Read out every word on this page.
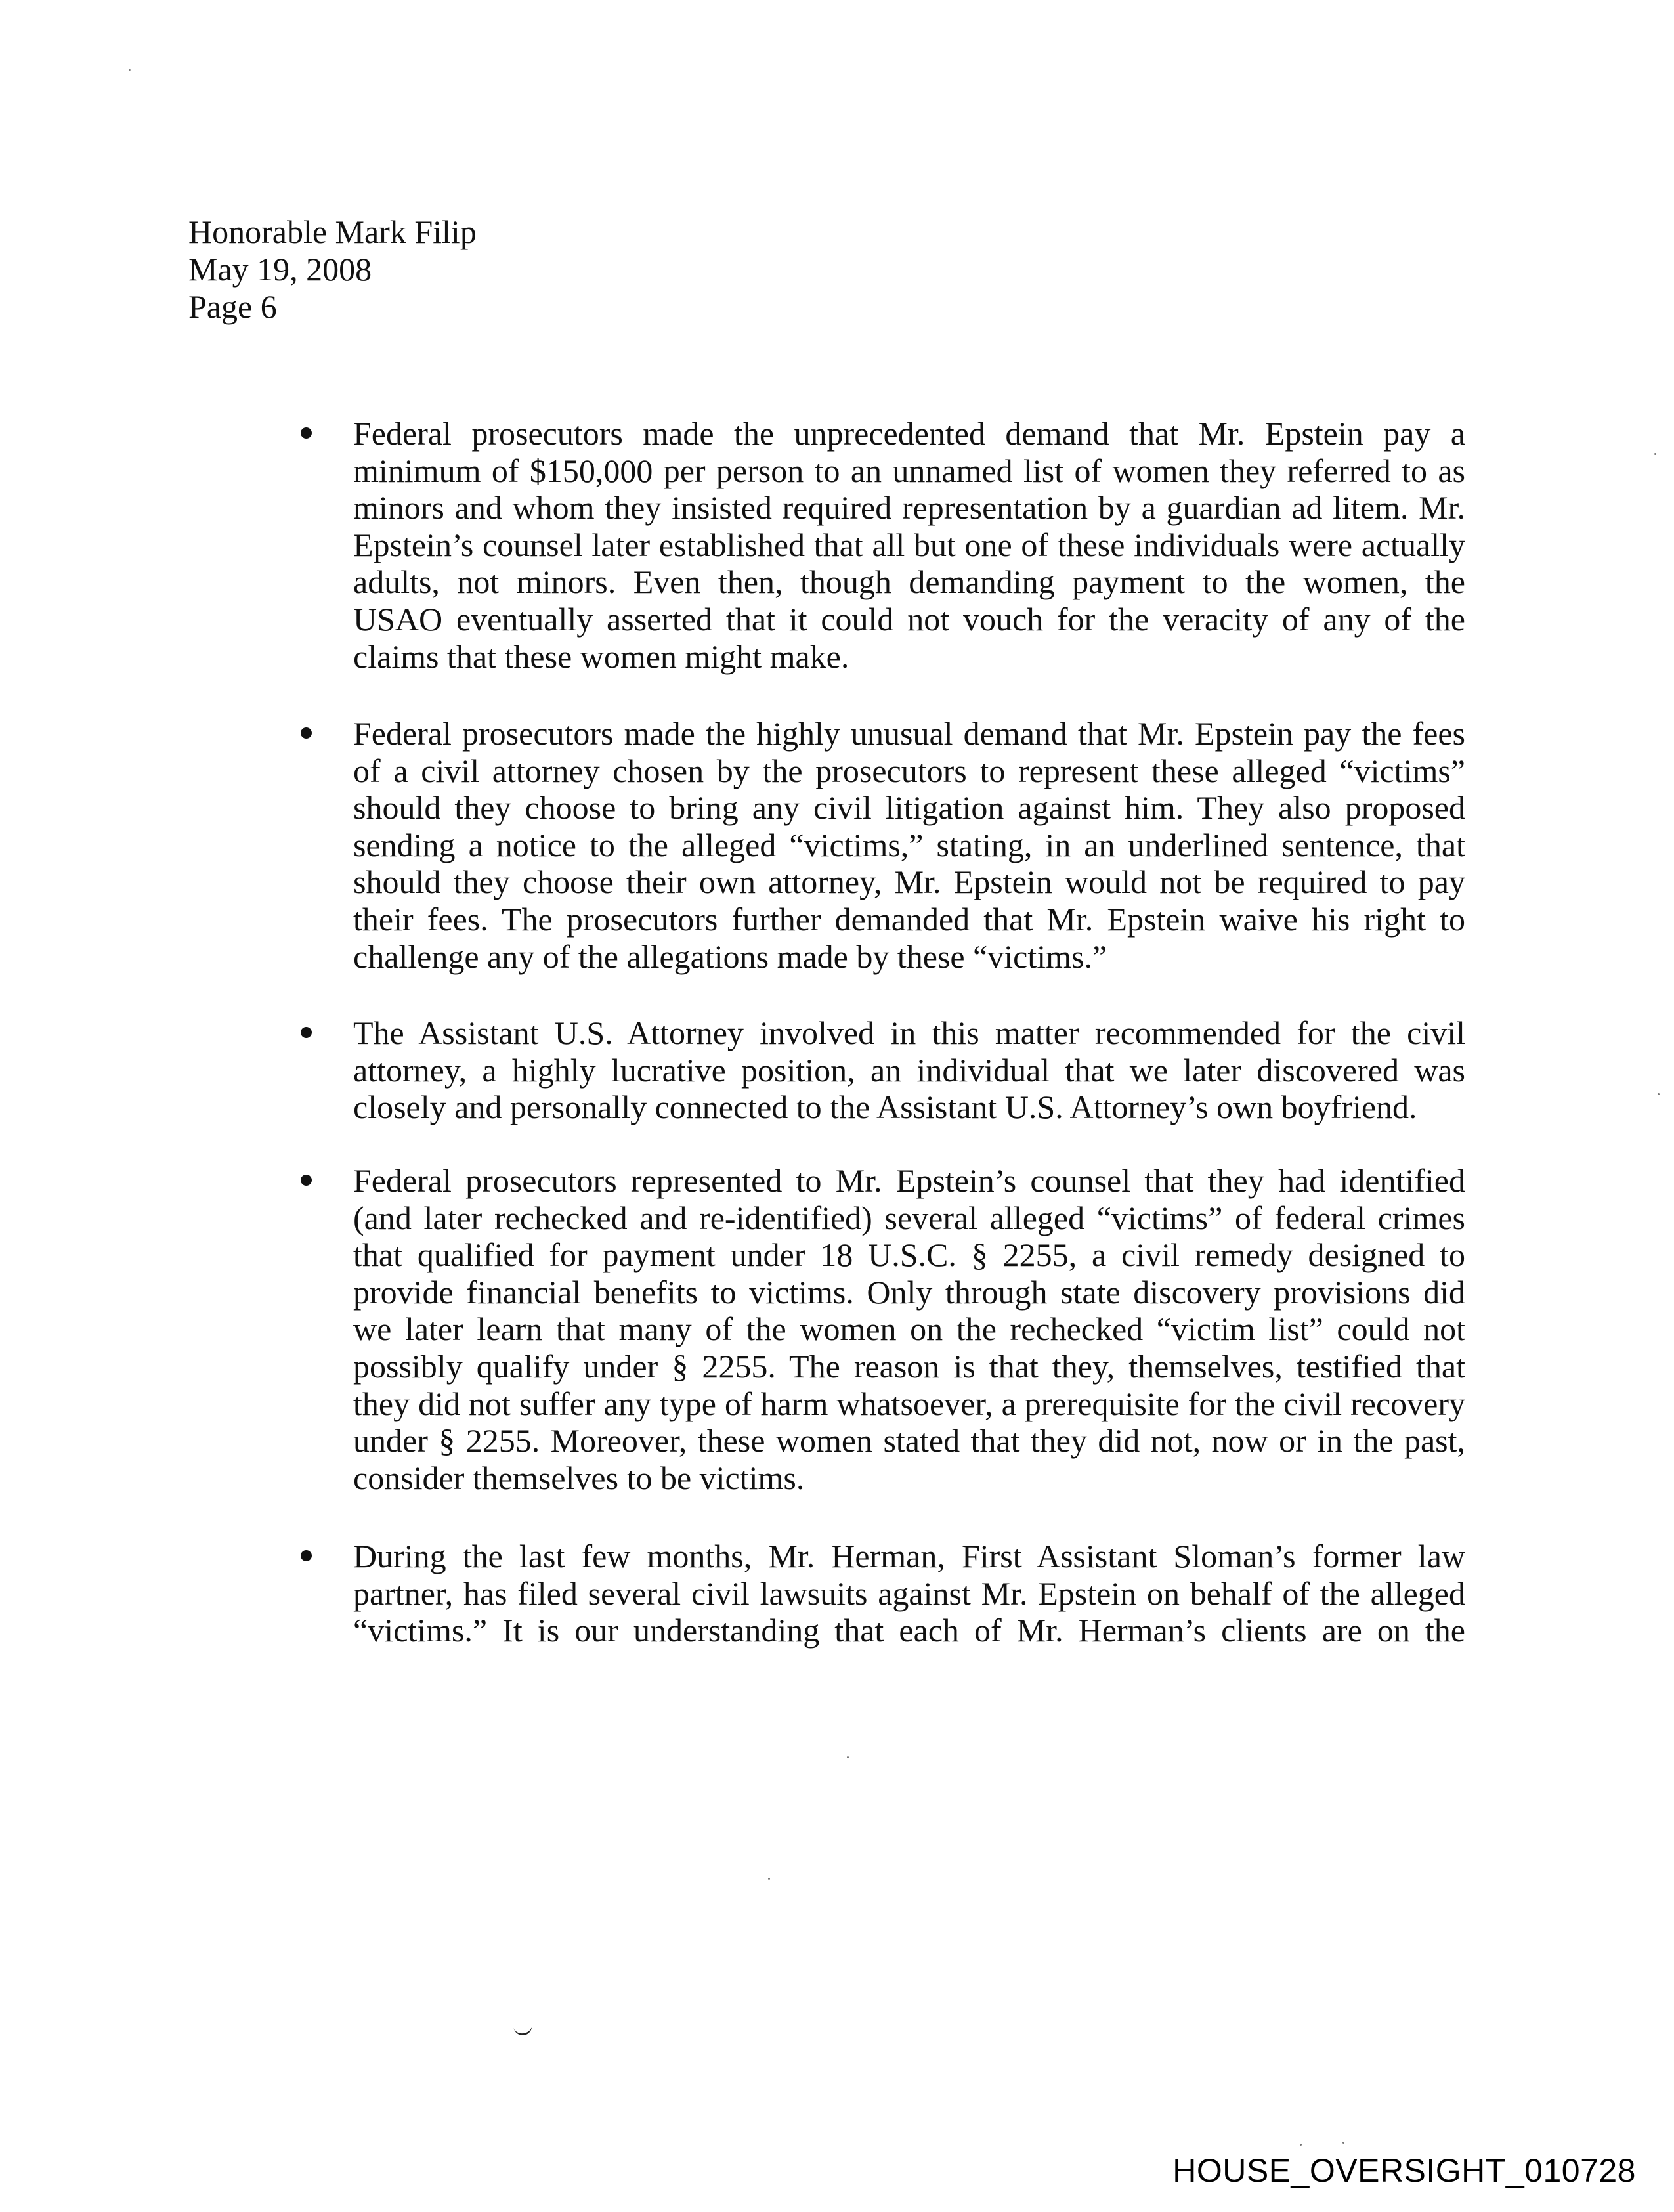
Honorable Mark Filip
May 19, 2008
Page 6
Federal prosecutors made the unprecedented demand that Mr. Epstein pay a
minimum of $150,000 per person to an unnamed list of women they referred to as
minors and whom they insisted required representation by a guardian ad litem. Mr.
Epstein’s counsel later established that all but one of these individuals were actually
adults, not minors. Even then, though demanding payment to the women, the
USAO eventually asserted that it could not vouch for the veracity of any of the
claims that these women might make.
Federal prosecutors made the highly unusual demand that Mr. Epstein pay the fees
of a civil attorney chosen by the prosecutors to represent these alleged “victims”
should they choose to bring any civil litigation against him. They also proposed
sending a notice to the alleged “victims,” stating, in an underlined sentence, that
should they choose their own attorney, Mr. Epstein would not be required to pay
their fees. The prosecutors further demanded that Mr. Epstein waive his right to
challenge any of the allegations made by these “victims.”
The Assistant U.S. Attorney involved in this matter recommended for the civil
attorney, a highly lucrative position, an individual that we later discovered was
closely and personally connected to the Assistant U.S. Attorney’s own boyfriend.
Federal prosecutors represented to Mr. Epstein’s counsel that they had identified
(and later rechecked and re-identified) several alleged “victims” of federal crimes
that qualified for payment under 18 U.S.C. § 2255, a civil remedy designed to
provide financial benefits to victims. Only through state discovery provisions did
we later learn that many of the women on the rechecked “victim list” could not
possibly qualify under § 2255. The reason is that they, themselves, testified that
they did not suffer any type of harm whatsoever, a prerequisite for the civil recovery
under § 2255. Moreover, these women stated that they did not, now or in the past,
consider themselves to be victims.
During the last few months, Mr. Herman, First Assistant Sloman’s former law
partner, has filed several civil lawsuits against Mr. Epstein on behalf of the alleged
“victims.” It is our understanding that each of Mr. Herman’s clients are on the
HOUSE_OVERSIGHT_010728
